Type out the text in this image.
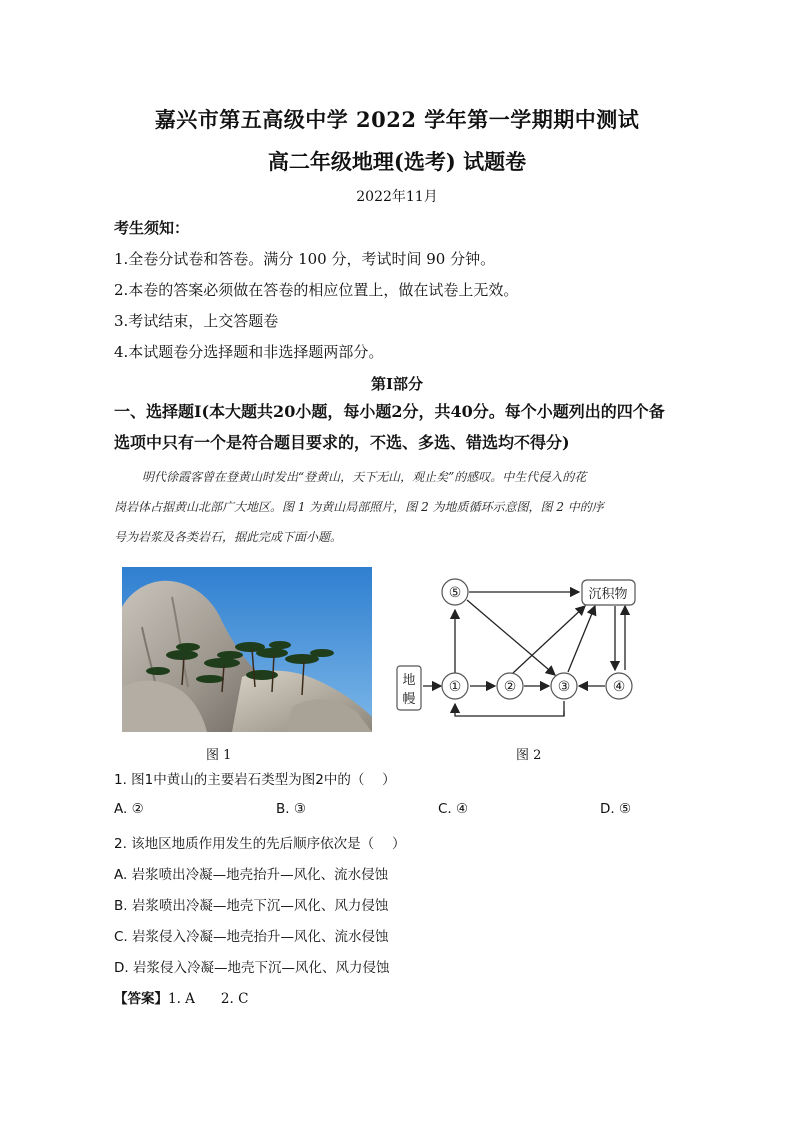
嘉兴市第五高级中学 2022 学年第一学期期中测试
高二年级地理(选考) 试题卷
2022年11月
考生须知：
1.全卷分试卷和答卷。满分 100 分，考试时间 90 分钟。
2.本卷的答案必须做在答卷的相应位置上，做在试卷上无效。
3.考试结束，上交答题卷
4.本试题卷分选择题和非选择题两部分。
第Ⅰ部分
一、选择题Ⅰ(本大题共20小题，每小题2分，共40分。每个小题列出的四个备
选项中只有一个是符合题目要求的，不选、多选、错选均不得分)
明代徐霞客曾在登黄山时发出“登黄山，天下无山，观止矣”的感叹。中生代侵入的花
岗岩体占据黄山北部广大地区。图 1 为黄山局部照片，图 2 为地质循环示意图，图 2 中的序
号为岩浆及各类岩石，据此完成下面小题。
⑤
①	②	③	④
沉积物
地
幔
图 1	图 2
1. 图1中黄山的主要岩石类型为图2中的（　 ）
A. ②	B. ③	C. ④	D. ⑤
2. 该地区地质作用发生的先后顺序依次是（　 ）
A. 岩浆喷出冷凝—地壳抬升—风化、流水侵蚀
B. 岩浆喷出冷凝—地壳下沉—风化、风力侵蚀
C. 岩浆侵入冷凝—地壳抬升—风化、流水侵蚀
D. 岩浆侵入冷凝—地壳下沉—风化、风力侵蚀
【答案】1. A 2. C
